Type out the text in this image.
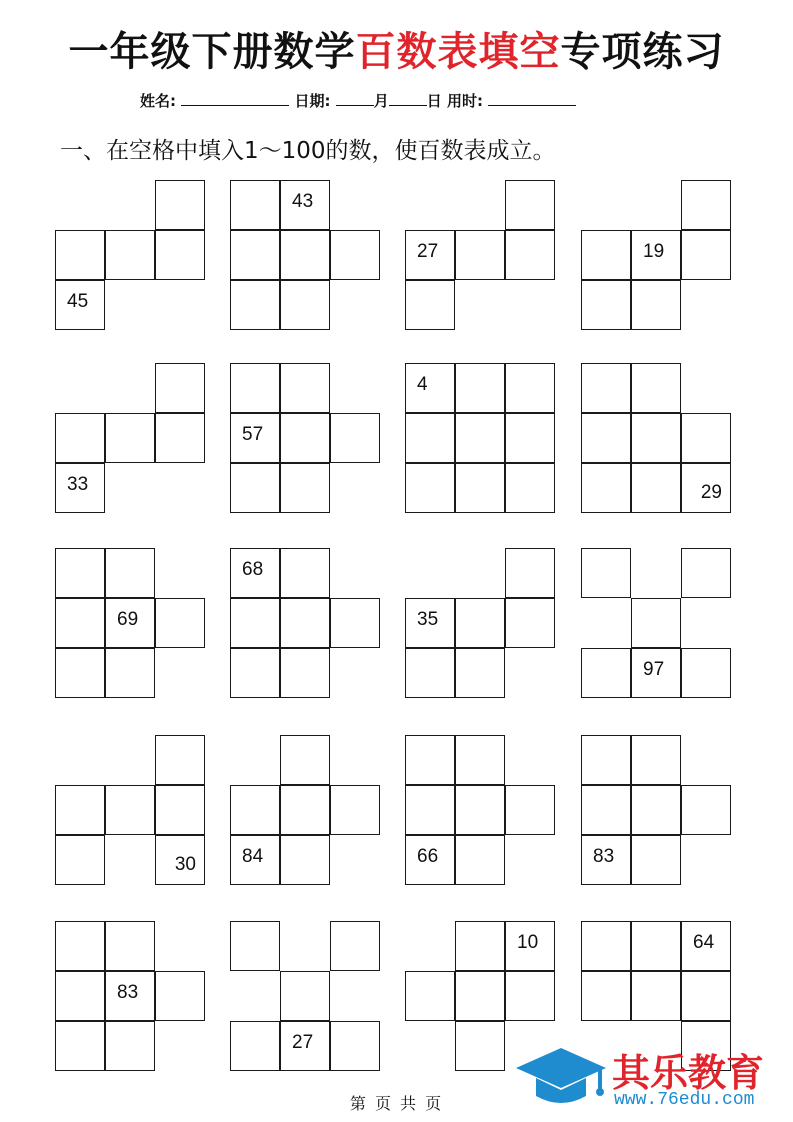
一年级下册数学百数表填空专项练习
姓名:	日期:	月	日 用时:
一、在空格中填入1～100的数，使百数表成立。
45
43
27	19
33
57
4
29
69
68
35
97
30 84	66	83
83
27
10	64
第 页 共 页
其乐教育
www.76edu.com
